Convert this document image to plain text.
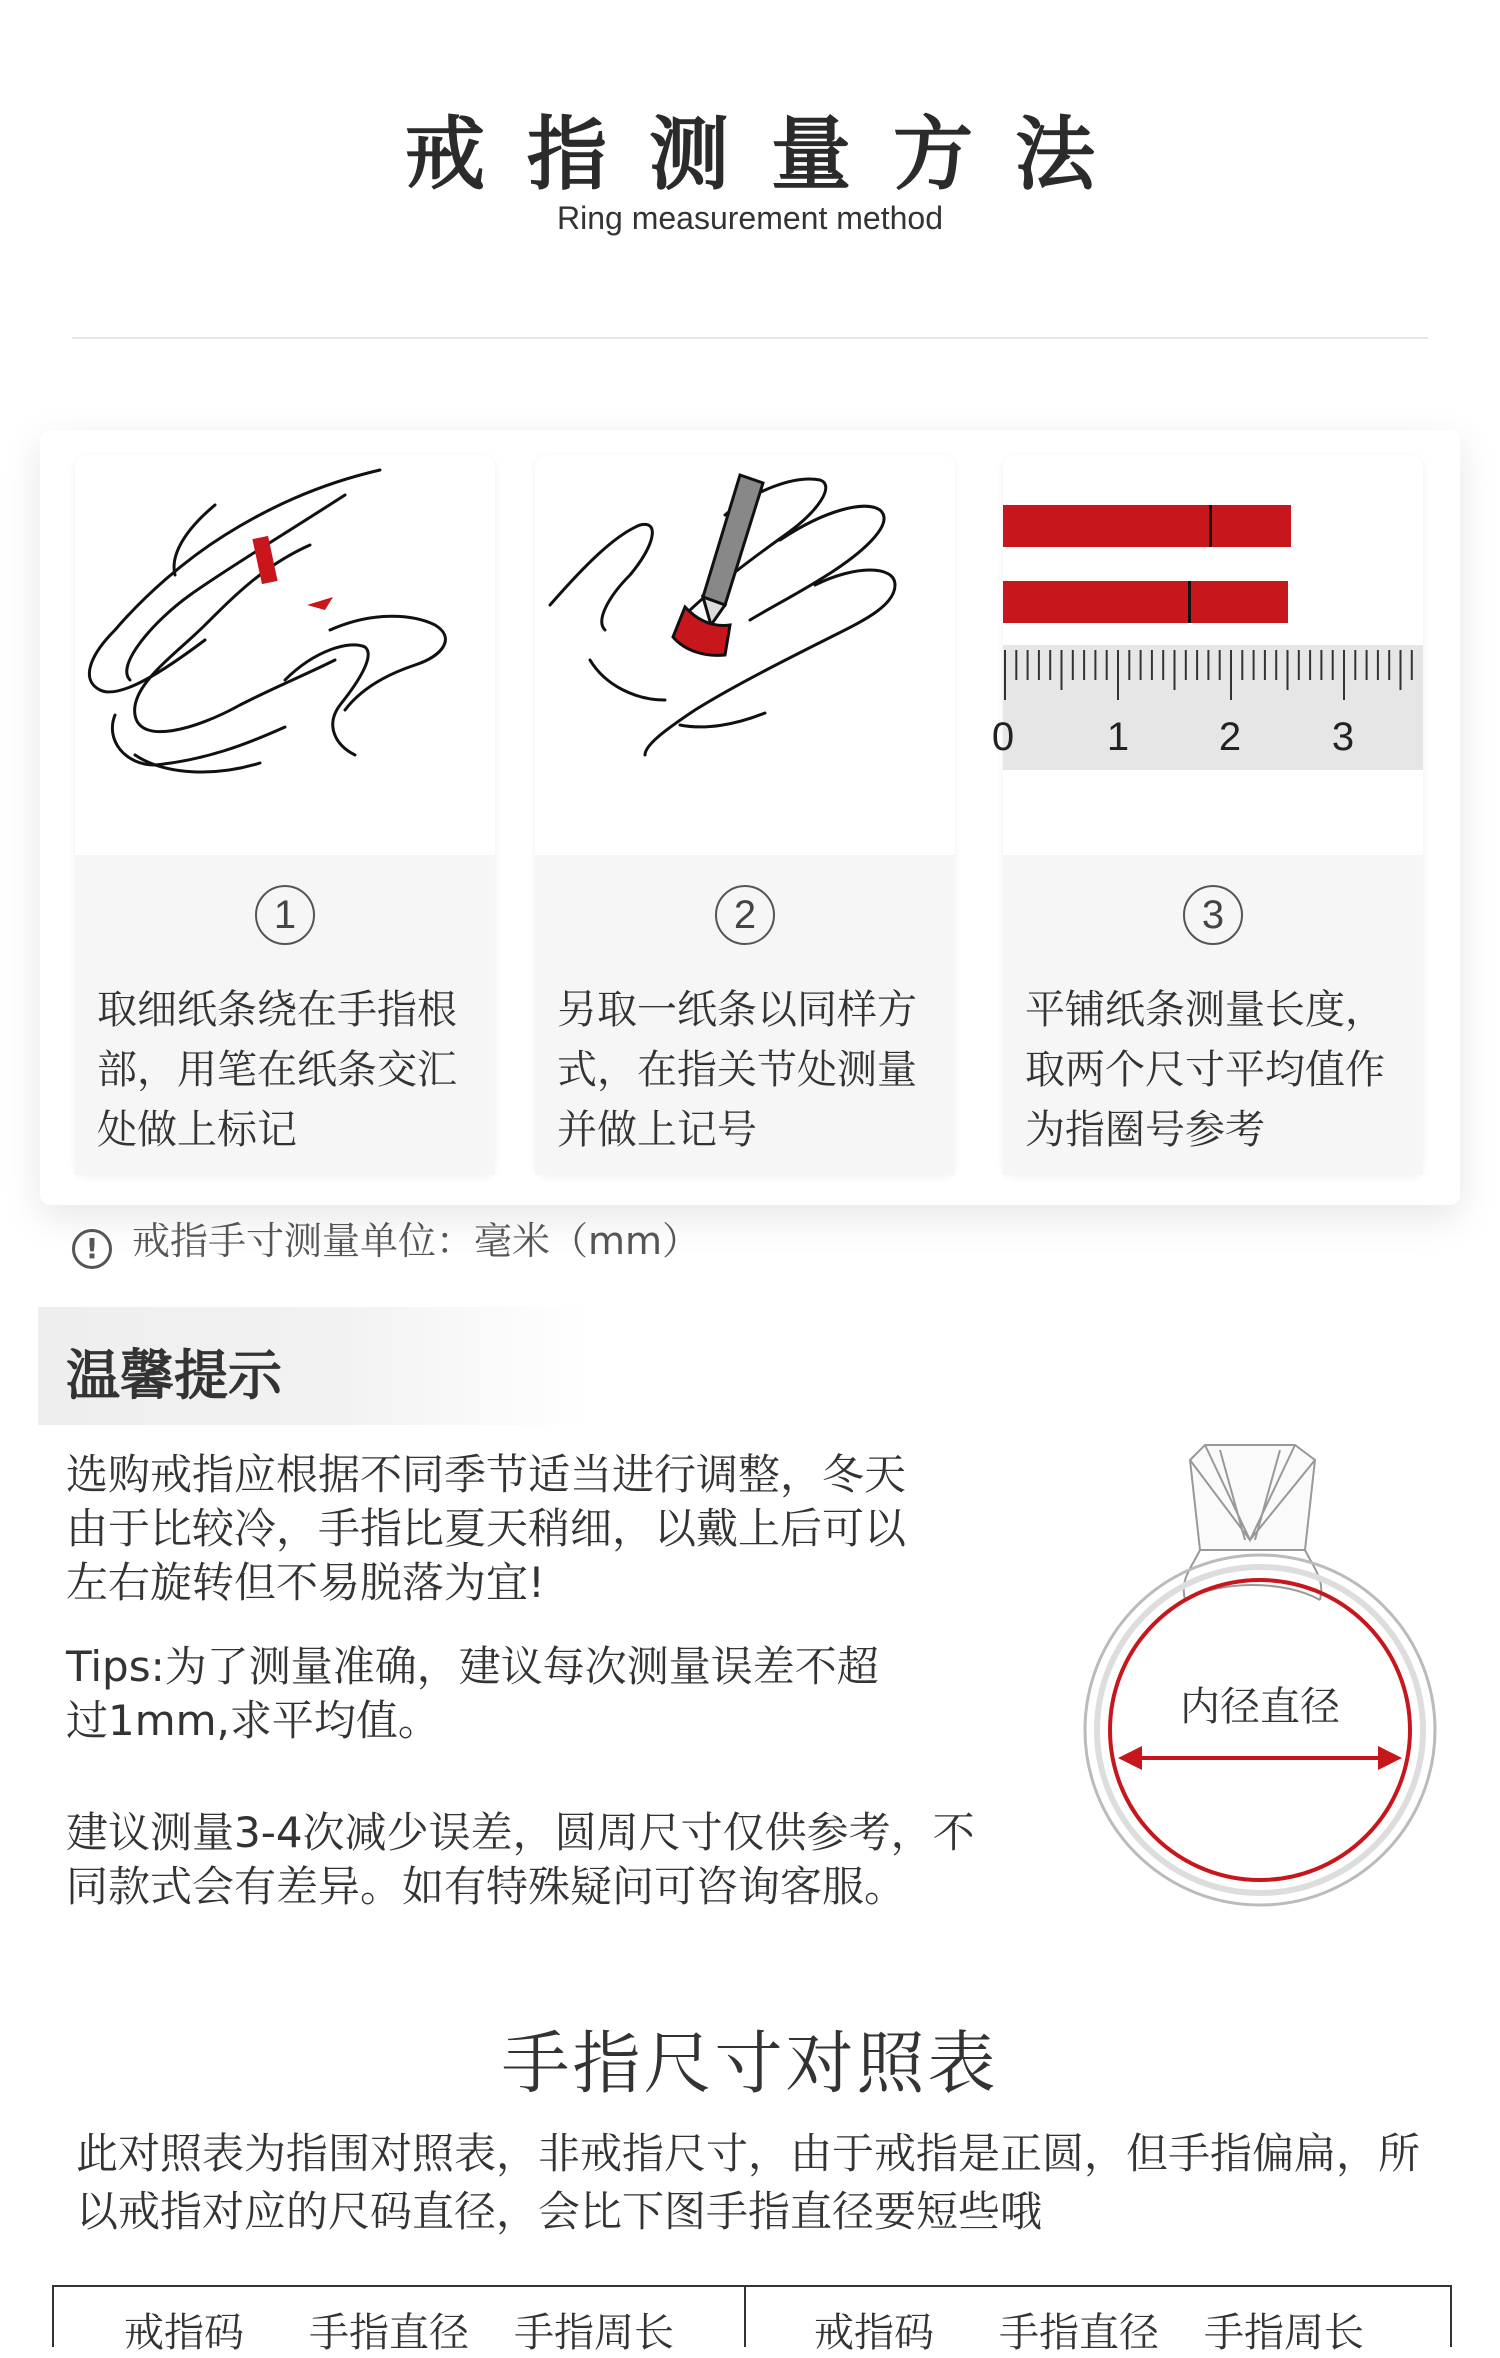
戒指测量方法
Ring measurement method
1
取细纸条绕在手指根部，用笔在纸条交汇处做上标记
2
另取一纸条以同样方式，在指关节处测量并做上记号
0 1 2 3
3
平铺纸条测量长度，取两个尺寸平均值作为指圈号参考
! 戒指手寸测量单位：毫米（mm）
温馨提示
选购戒指应根据不同季节适当进行调整，冬天由于比较冷，手指比夏天稍细，以戴上后可以左右旋转但不易脱落为宜!
Tips:为了测量准确，建议每次测量误差不超过1mm,求平均值。
建议测量3-4次减少误差，圆周尺寸仅供参考，不同款式会有差异。如有特殊疑问可咨询客服。
内径直径
手指尺寸对照表
此对照表为指围对照表，非戒指尺寸，由于戒指是正圆，但手指偏扁，所以戒指对应的尺码直径，会比下图手指直径要短些哦
戒指码 手指直径 手指周长	戒指码 手指直径 手指周长
